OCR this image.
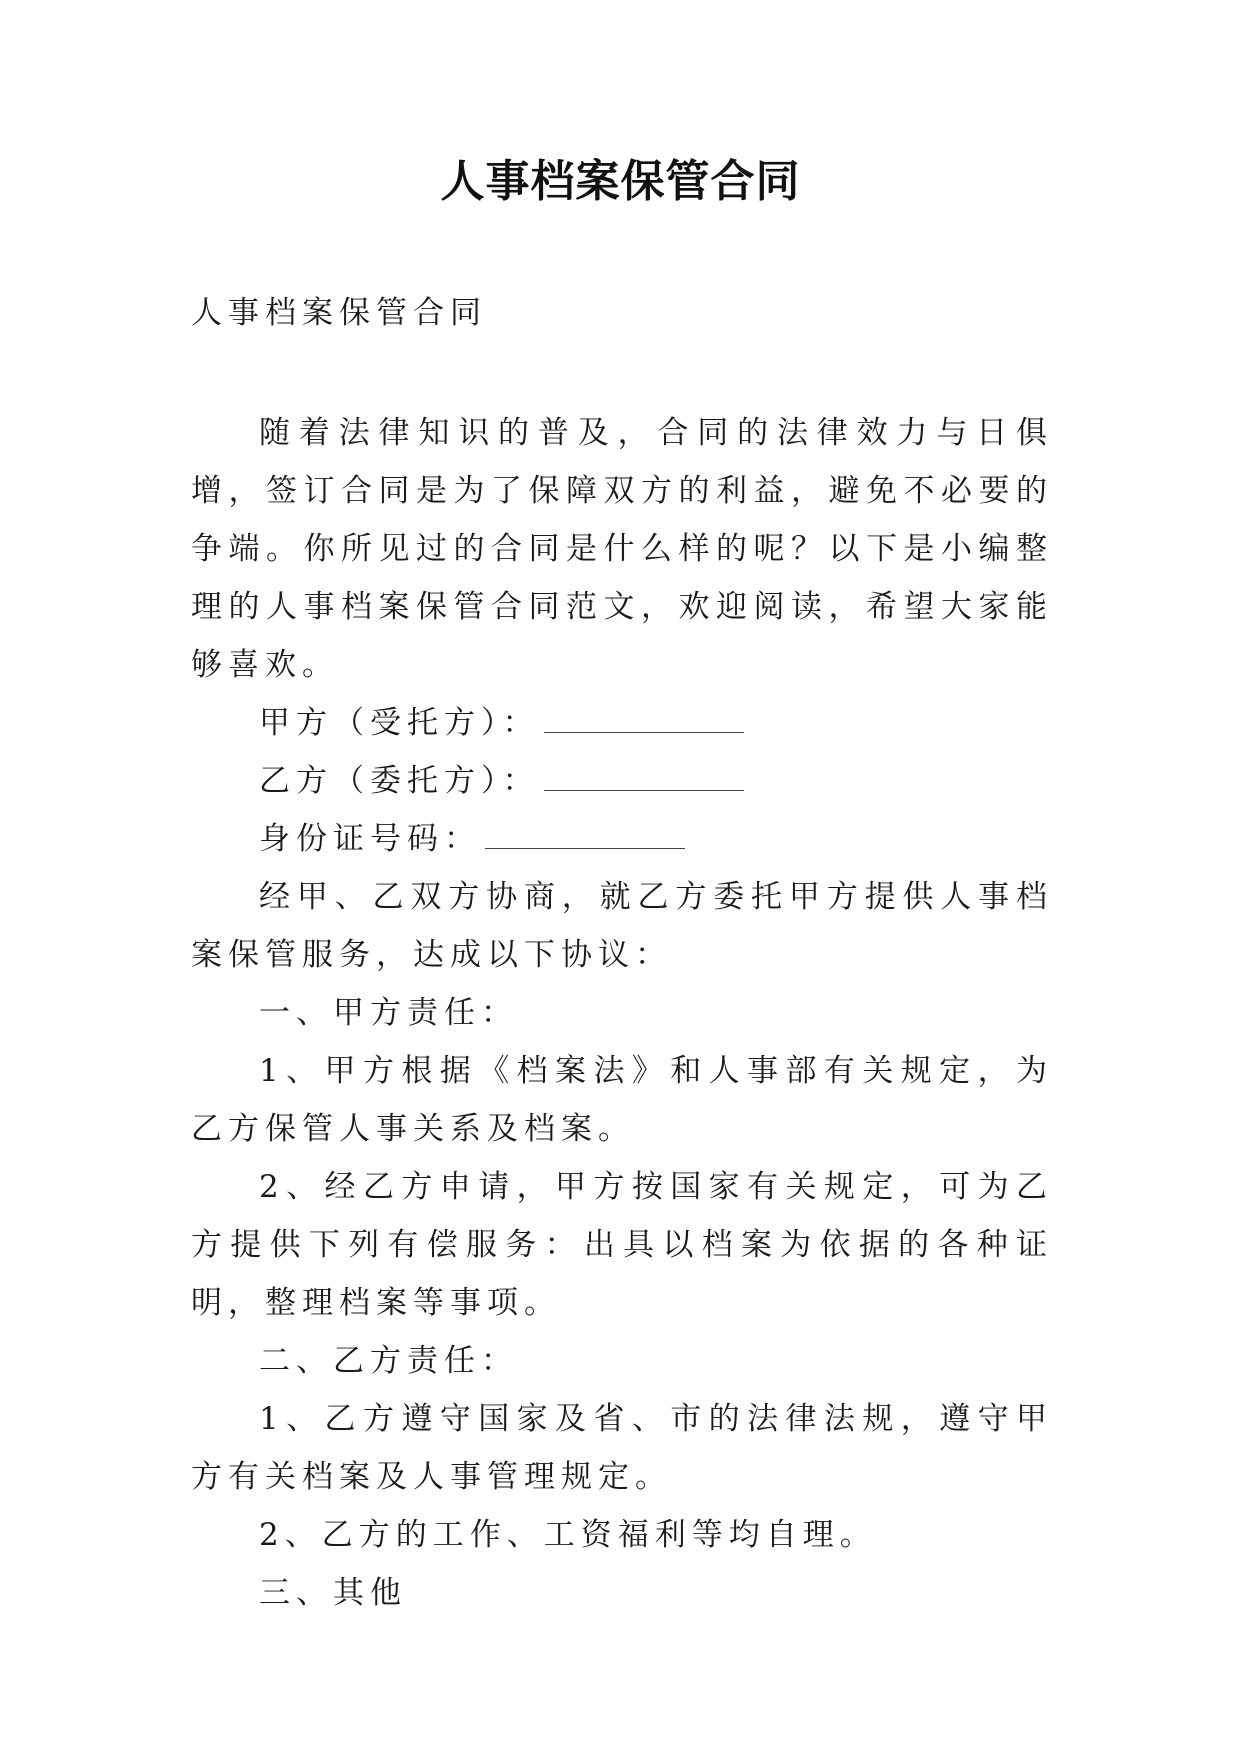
人事档案保管合同

人事档案保管合同

随着法律知识的普及，合同的法律效力与日俱增，签订合同是为了保障双方的利益，避免不必要的争端。你所见过的合同是什么样的呢？以下是小编整理的人事档案保管合同范文，欢迎阅读，希望大家能够喜欢。

甲方（受托方）：

乙方（委托方）：

身份证号码：

经甲、乙双方协商，就乙方委托甲方提供人事档案保管服务，达成以下协议：

一、甲方责任：

1、甲方根据《档案法》和人事部有关规定，为乙方保管人事关系及档案。

2、经乙方申请，甲方按国家有关规定，可为乙方提供下列有偿服务：出具以档案为依据的各种证明，整理档案等事项。

二、乙方责任：

1、乙方遵守国家及省、市的法律法规，遵守甲方有关档案及人事管理规定。

2、乙方的工作、工资福利等均自理。

三、其他
